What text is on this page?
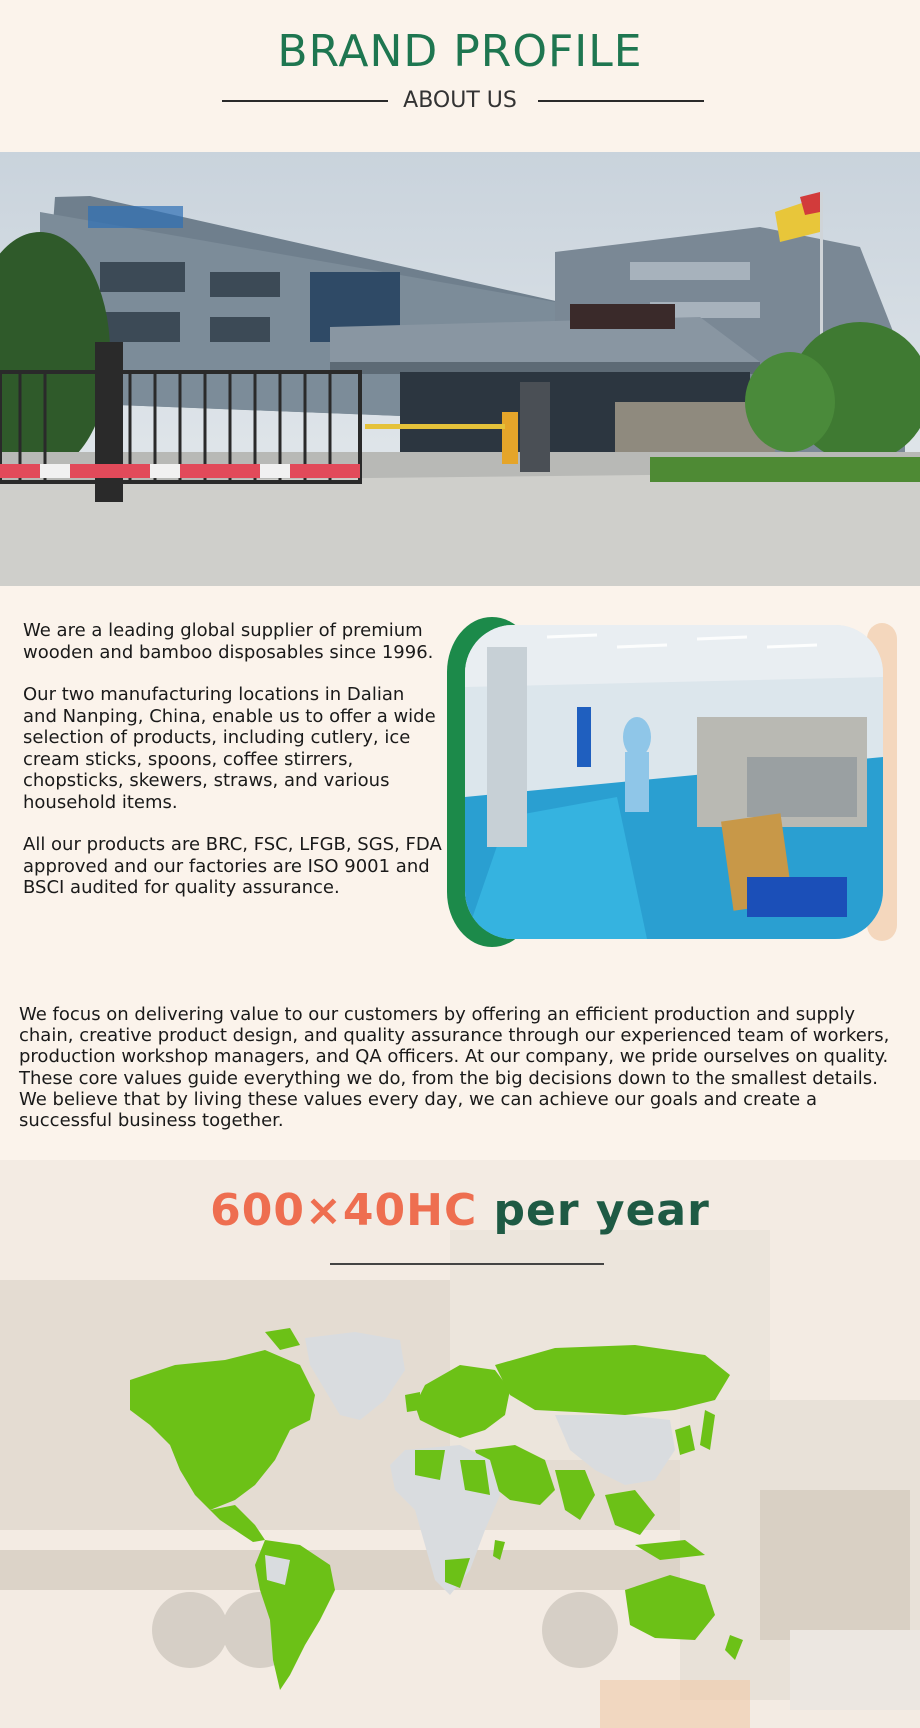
BRAND PROFILE
ABOUT US

We are a leading global supplier of premium wooden and bamboo disposables since 1996.

Our two manufacturing locations in Dalian and Nanping, China, enable us to offer a wide selection of products, including cutlery, ice cream sticks, spoons, coffee stirrers, chopsticks, skewers, straws, and various household items.

All our products are BRC, FSC, LFGB, SGS, FDA approved and our factories are ISO 9001 and BSCI audited for quality assurance.

We focus on delivering value to our customers by offering an efficient production and supply chain, creative product design, and quality assurance through our experienced team of workers, production workshop managers, and QA officers. At our company, we pride ourselves on quality. These core values guide everything we do, from the big decisions down to the smallest details. We believe that by living these values every day, we can achieve our goals and create a successful business together.
600×40HC per year
